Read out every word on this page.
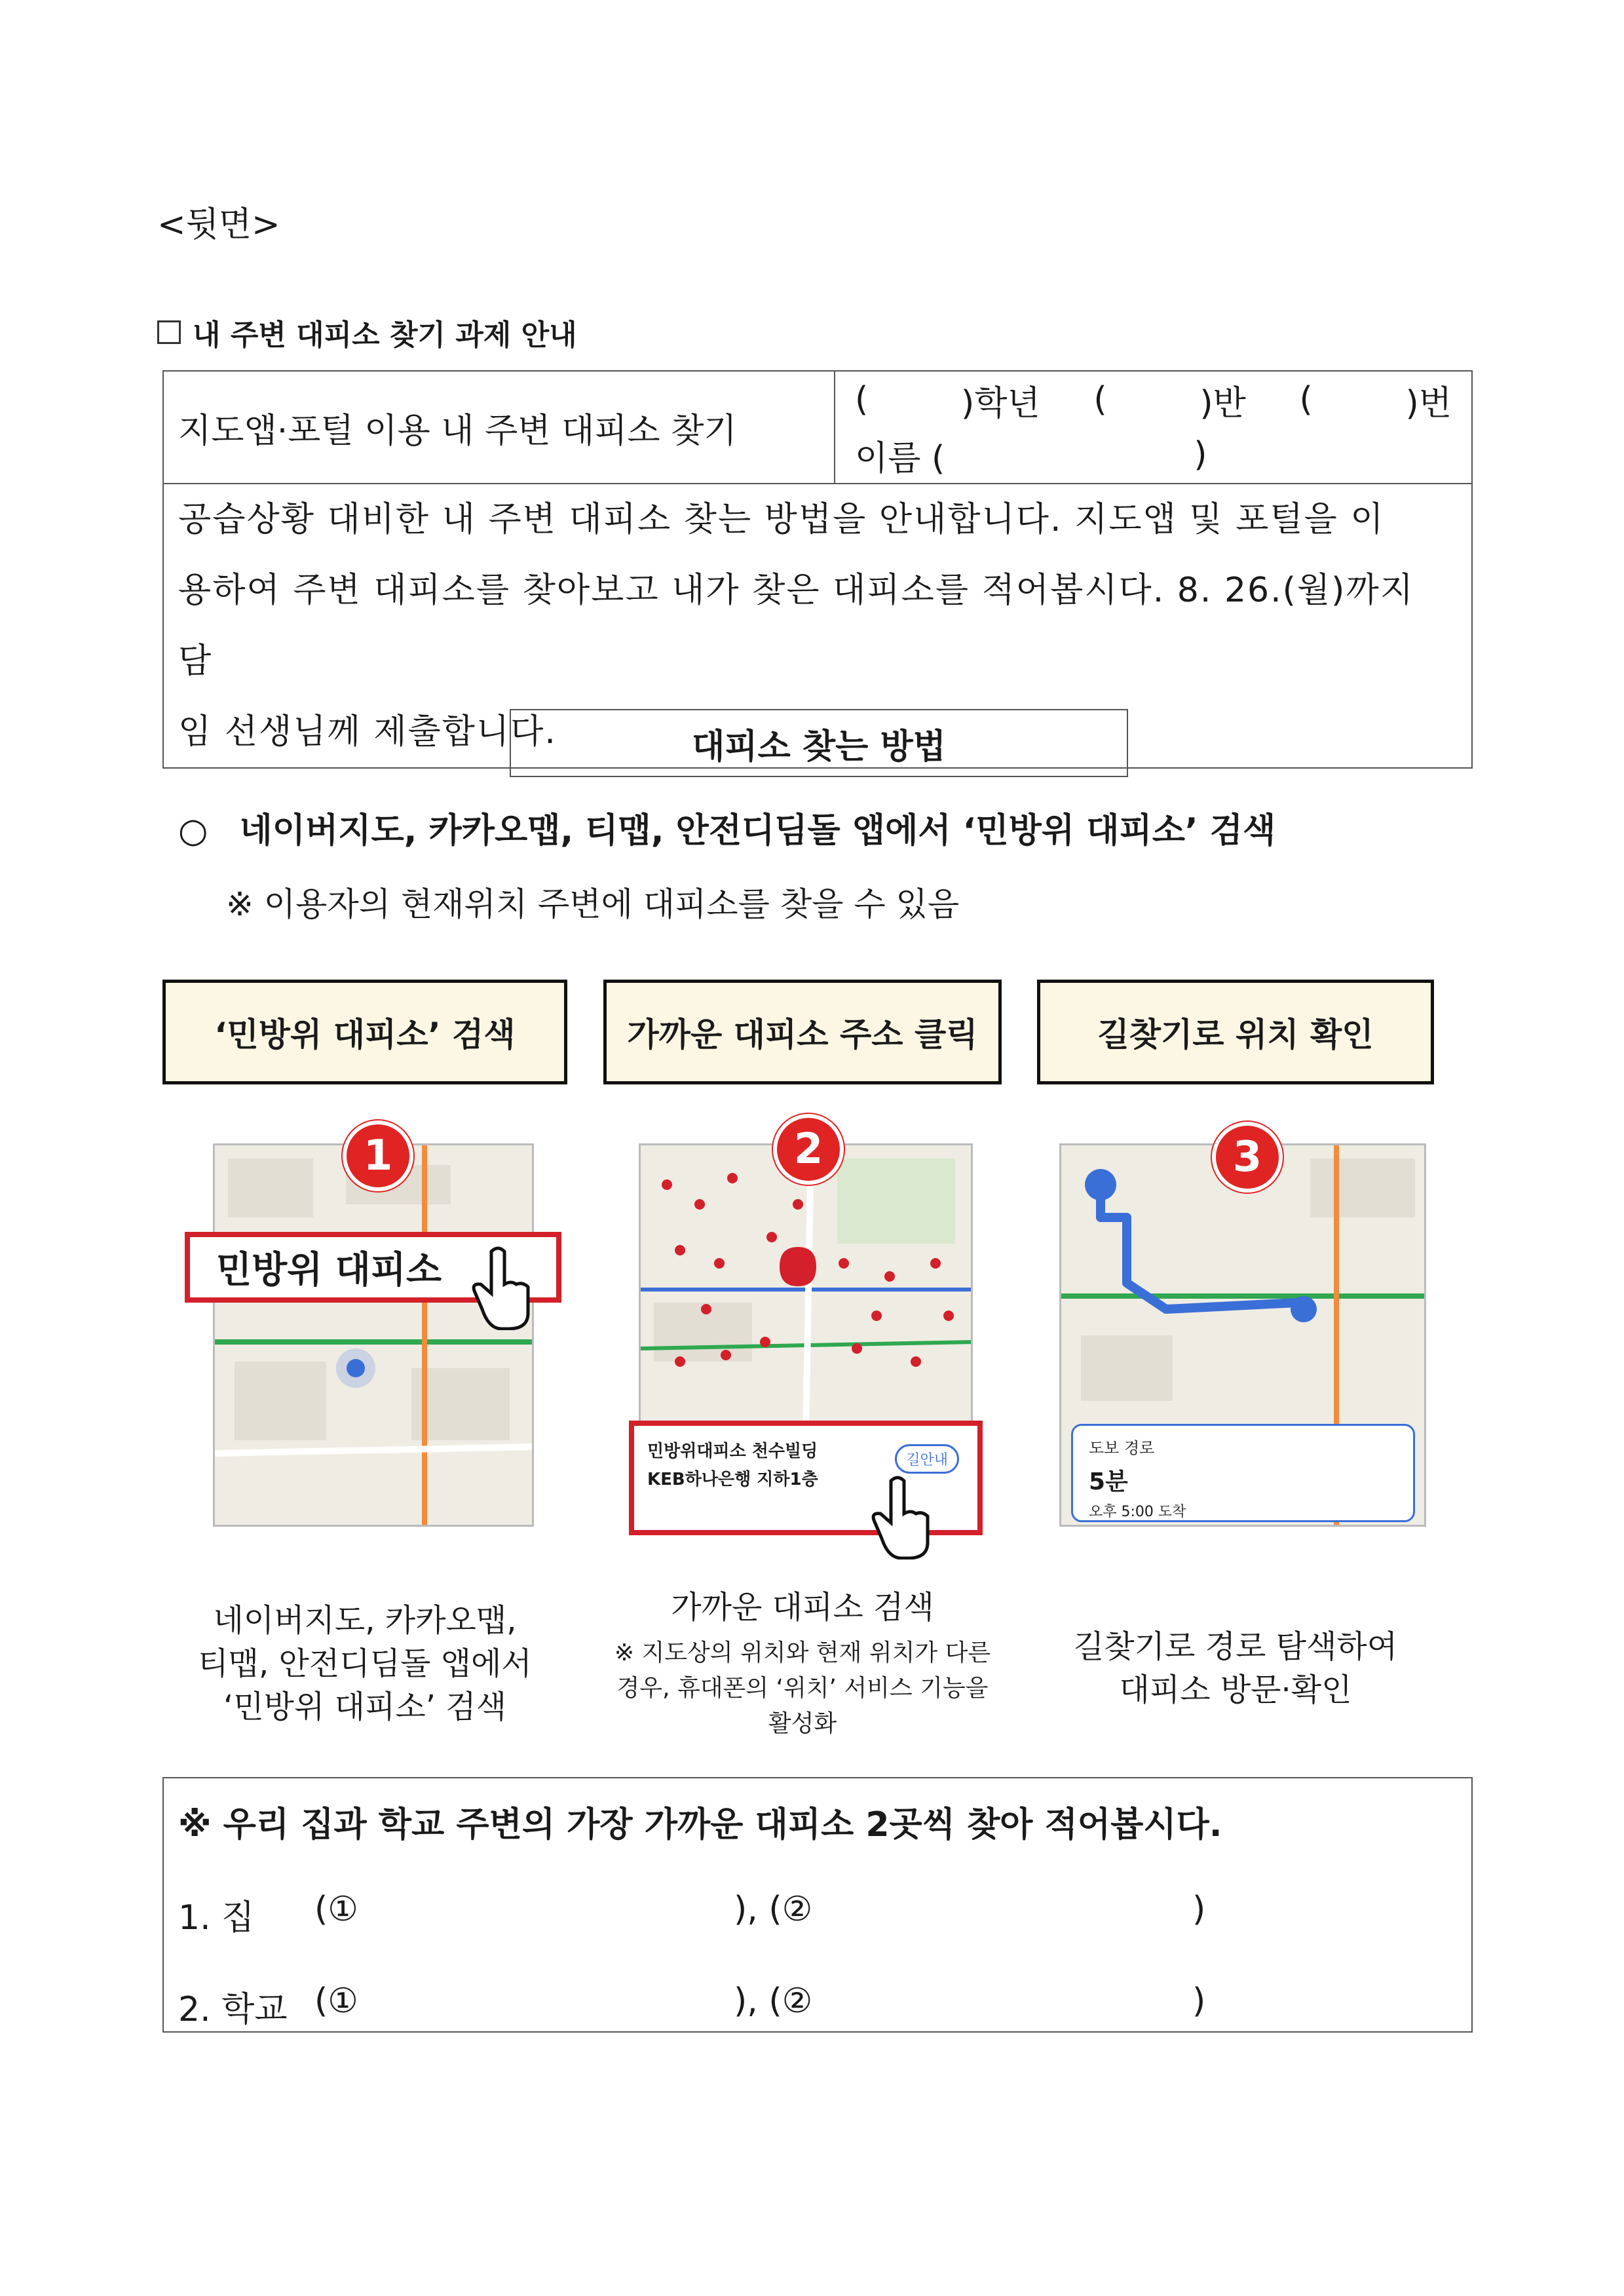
<뒷면>
내 주변 대피소 찾기 과제 안내
지도앱·포털 이용 내 주변 대피소 찾기	
(	)학년 (	)반 (	)번
이름 (	)

공습상황 대비한 내 주변 대피소 찾는 방법을 안내합니다. 지도앱 및 포털을 이
용하여 주변 대피소를 찾아보고 내가 찾은 대피소를 적어봅시다. 8. 26.(월)까지 담
임 선생님께 제출합니다.	대피소 찾는 방법
○ 네이버지도, 카카오맵, 티맵, 안전디딤돌 앱에서 ‘민방위 대피소’ 검색
※ 이용자의 현재위치 주변에 대피소를 찾을 수 있음
‘민방위 대피소’ 검색	가까운 대피소 주소 클릭	길찾기로 위치 확인
민방위 대피소
1
민방위대피소 천수빌딩
KEB하나은행 지하1층
길안내
2
도보 경로
5분
오후 5:00 도착
3
네이버지도, 카카오맵,
티맵, 안전디딤돌 앱에서
‘민방위 대피소’ 검색
가까운 대피소 검색
※ 지도상의 위치와 현재 위치가 다른
경우, 휴대폰의 ‘위치’ 서비스 기능을
활성화
길찾기로 경로 탐색하여
대피소 방문·확인
※ 우리 집과 학교 주변의 가장 가까운 대피소 2곳씩 찾아 적어봅시다.
1. 집 (①	), (②	)
2. 학교 (①	), (②	)
